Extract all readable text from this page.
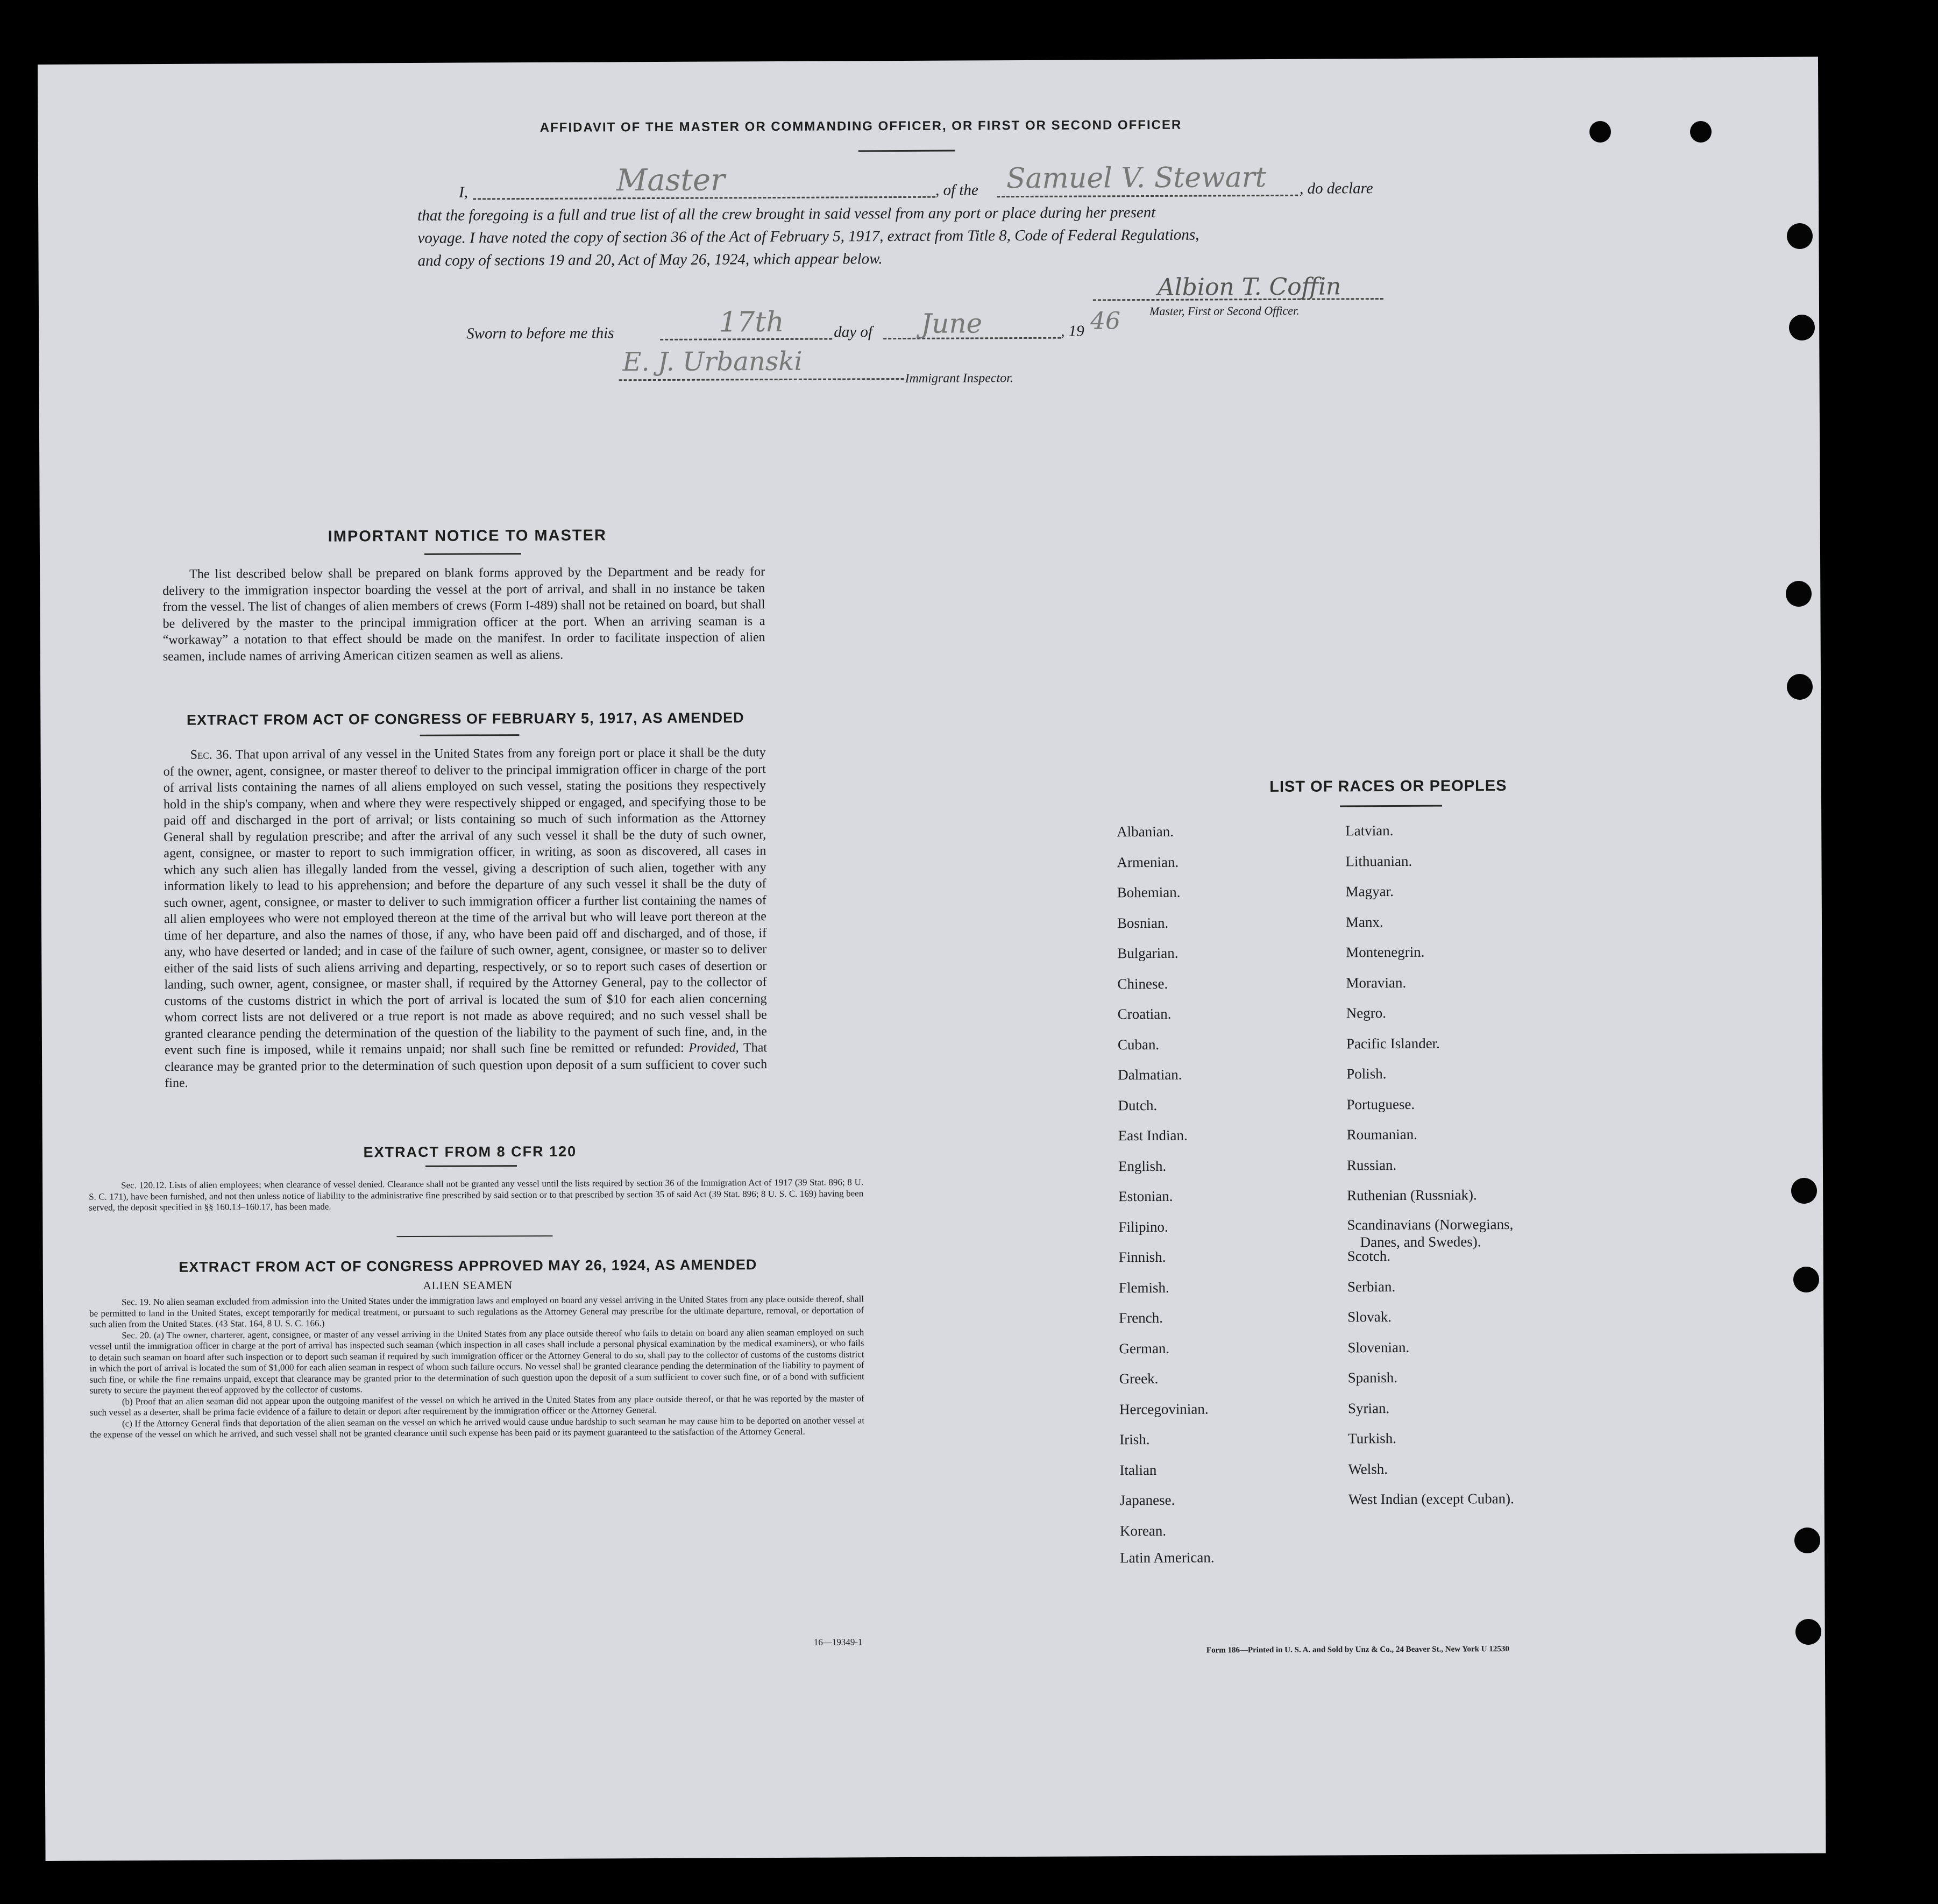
AFFIDAVIT OF THE MASTER OR COMMANDING OFFICER, OR FIRST OR SECOND OFFICER
I,	Master	, of the Samuel V. Stewart , do declare
that the foregoing is a full and true list of all the crew brought in said vessel from any port or place during her present
voyage. I have noted the copy of section 36 of the Act of February 5, 1917, extract from Title 8, Code of Federal Regulations,
and copy of sections 19 and 20, Act of May 26, 1924, which appear below.
Albion T. Coffin
Master, First or Second Officer.
Sworn to before me this	17th	day of June	, 19 46
E. J. Urbanski
Immigrant Inspector.
IMPORTANT NOTICE TO MASTER
The list described below shall be prepared on blank forms approved by the Department and be ready for delivery to the immigration inspector boarding the vessel at the port of arrival, and shall in no instance be taken from the vessel. The list of changes of alien members of crews (Form I-489) shall not be retained on board, but shall be delivered by the master to the principal immigration officer at the port. When an arriving seaman is a “workaway” a notation to that effect should be made on the manifest. In order to facilitate inspection of alien seamen, include names of arriving American citizen seamen as well as aliens.
EXTRACT FROM ACT OF CONGRESS OF FEBRUARY 5, 1917, AS AMENDED
Sec. 36. That upon arrival of any vessel in the United States from any foreign port or place it shall be the duty of the owner, agent, consignee, or master thereof to deliver to the principal immigration officer in charge of the port of arrival lists containing the names of all aliens employed on such vessel, stating the positions they respectively hold in the ship's company, when and where they were respectively shipped or engaged, and specifying those to be paid off and discharged in the port of arrival; or lists containing so much of such information as the Attorney General shall by regulation prescribe; and after the arrival of any such vessel it shall be the duty of such owner, agent, consignee, or master to report to such immigration officer, in writing, as soon as discovered, all cases in which any such alien has illegally landed from the vessel, giving a description of such alien, together with any information likely to lead to his apprehension; and before the departure of any such vessel it shall be the duty of such owner, agent, consignee, or master to deliver to such immigration officer a further list containing the names of all alien employees who were not employed thereon at the time of the arrival but who will leave port thereon at the time of her departure, and also the names of those, if any, who have been paid off and discharged, and of those, if any, who have deserted or landed; and in case of the failure of such owner, agent, consignee, or master so to deliver either of the said lists of such aliens arriving and departing, respectively, or so to report such cases of desertion or landing, such owner, agent, consignee, or master shall, if required by the Attorney General, pay to the collector of customs of the customs district in which the port of arrival is located the sum of $10 for each alien concerning whom correct lists are not delivered or a true report is not made as above required; and no such vessel shall be granted clearance pending the determination of the question of the liability to the payment of such fine, and, in the event such fine is imposed, while it remains unpaid; nor shall such fine be remitted or refunded: Provided, That clearance may be granted prior to the determination of such question upon deposit of a sum sufficient to cover such fine.
EXTRACT FROM 8 CFR 120
Sec. 120.12. Lists of alien employees; when clearance of vessel denied. Clearance shall not be granted any vessel until the lists required by section 36 of the Immigration Act of 1917 (39 Stat. 896; 8 U. S. C. 171), have been furnished, and not then unless notice of liability to the administrative fine prescribed by said section or to that prescribed by section 35 of said Act (39 Stat. 896; 8 U. S. C. 169) having been served, the deposit specified in §§ 160.13–160.17, has been made.
EXTRACT FROM ACT OF CONGRESS APPROVED MAY 26, 1924, AS AMENDED
ALIEN SEAMEN

Sec. 19. No alien seaman excluded from admission into the United States under the immigration laws and employed on board any vessel arriving in the United States from any place outside thereof, shall be permitted to land in the United States, except temporarily for medical treatment, or pursuant to such regulations as the Attorney General may prescribe for the ultimate departure, removal, or deportation of such alien from the United States. (43 Stat. 164, 8 U. S. C. 166.)

Sec. 20. (a) The owner, charterer, agent, consignee, or master of any vessel arriving in the United States from any place outside thereof who fails to detain on board any alien seaman employed on such vessel until the immigration officer in charge at the port of arrival has inspected such seaman (which inspection in all cases shall include a personal physical examination by the medical examiners), or who fails to detain such seaman on board after such inspection or to deport such seaman if required by such immigration officer or the Attorney General to do so, shall pay to the collector of customs of the customs district in which the port of arrival is located the sum of $1,000 for each alien seaman in respect of whom such failure occurs. No vessel shall be granted clearance pending the determination of the liability to payment of such fine, or while the fine remains unpaid, except that clearance may be granted prior to the determination of such question upon the deposit of a sum sufficient to cover such fine, or of a bond with sufficient surety to secure the payment thereof approved by the collector of customs.

(b) Proof that an alien seaman did not appear upon the outgoing manifest of the vessel on which he arrived in the United States from any place outside thereof, or that he was reported by the master of such vessel as a deserter, shall be prima facie evidence of a failure to detain or deport after requirement by the immigration officer or the Attorney General.

(c) If the Attorney General finds that deportation of the alien seaman on the vessel on which he arrived would cause undue hardship to such seaman he may cause him to be deported on another vessel at the expense of the vessel on which he arrived, and such vessel shall not be granted clearance until such expense has been paid or its payment guaranteed to the satisfaction of the Attorney General.

16—19349-1
LIST OF RACES OR PEOPLES
Albanian.
Armenian.
Bohemian.
Bosnian.
Bulgarian.
Chinese.
Croatian.
Cuban.
Dalmatian.
Dutch.
East Indian.
English.
Estonian.
Filipino.
Finnish.
Flemish.
French.
German.
Greek.
Hercegovinian.
Irish.
Italian
Japanese.
Korean.
Latin American.
Latvian.
Lithuanian.
Magyar.
Manx.
Montenegrin.
Moravian.
Negro.
Pacific Islander.
Polish.
Portuguese.
Roumanian.
Russian.
Ruthenian (Russniak).
Scandinavians (Norwegians,
Danes, and Swedes).
Scotch.
Serbian.
Slovak.
Slovenian.
Spanish.
Syrian.
Turkish.
Welsh.
West Indian (except Cuban).
Form 186—Printed in U. S. A. and Sold by Unz & Co., 24 Beaver St., New York U 12530
